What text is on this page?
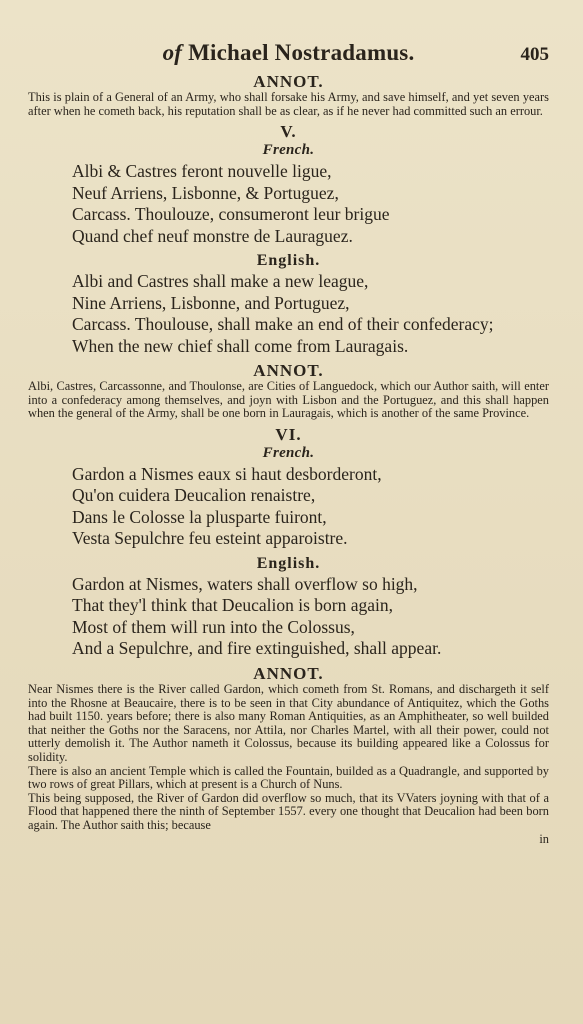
of Michael Nostradamus.	405
ANNOT.

This is plain of a General of an Army, who shall forsake his Army, and save himself, and yet seven years after when he cometh back, his reputation shall be as clear, as if he never had committed such an errour.

V.
French.
Albi & Castres feront nouvelle ligue,
Neuf Arriens, Lisbonne, & Portuguez,
Carcass. Thoulouze, consumeront leur brigue
Quand chef neuf monstre de Lauraguez.
English.
Albi and Castres shall make a new league,
Nine Arriens, Lisbonne, and Portuguez,
Carcass. Thoulouse, shall make an end of their confederacy;
When the new chief shall come from Lauragais.
ANNOT.

Albi, Castres, Carcassonne, and Thoulonse, are Cities of Languedock, which our Author saith, will enter into a confederacy among themselves, and joyn with Lisbon and the Portuguez, and this shall happen when the general of the Army, shall be one born in Lauragais, which is another of the same Province.

VI.
French.
Gardon a Nismes eaux si haut desborderont,
Qu'on cuidera Deucalion renaistre,
Dans le Colosse la plusparte fuiront,
Vesta Sepulchre feu esteint apparoistre.
English.
Gardon at Nismes, waters shall overflow so high,
That they'l think that Deucalion is born again,
Most of them will run into the Colossus,
And a Sepulchre, and fire extinguished, shall appear.
ANNOT.

Near Nismes there is the River called Gardon, which cometh from St. Romans, and dischargeth it self into the Rhosne at Beaucaire, there is to be seen in that City abundance of Antiquitez, which the Goths had built 1150. years before; there is also many Roman Antiquities, as an Amphitheater, so well builded that neither the Goths nor the Saracens, nor Attila, nor Charles Martel, with all their power, could not utterly demolish it. The Author nameth it Colossus, because its building appeared like a Colossus for solidity.

There is also an ancient Temple which is called the Fountain, builded as a Quadrangle, and supported by two rows of great Pillars, which at present is a Church of Nuns.

This being supposed, the River of Gardon did overflow so much, that its VVaters joyning with that of a Flood that happened there the ninth of September 1557. every one thought that Deucalion had been born again. The Author saith this; because

in
